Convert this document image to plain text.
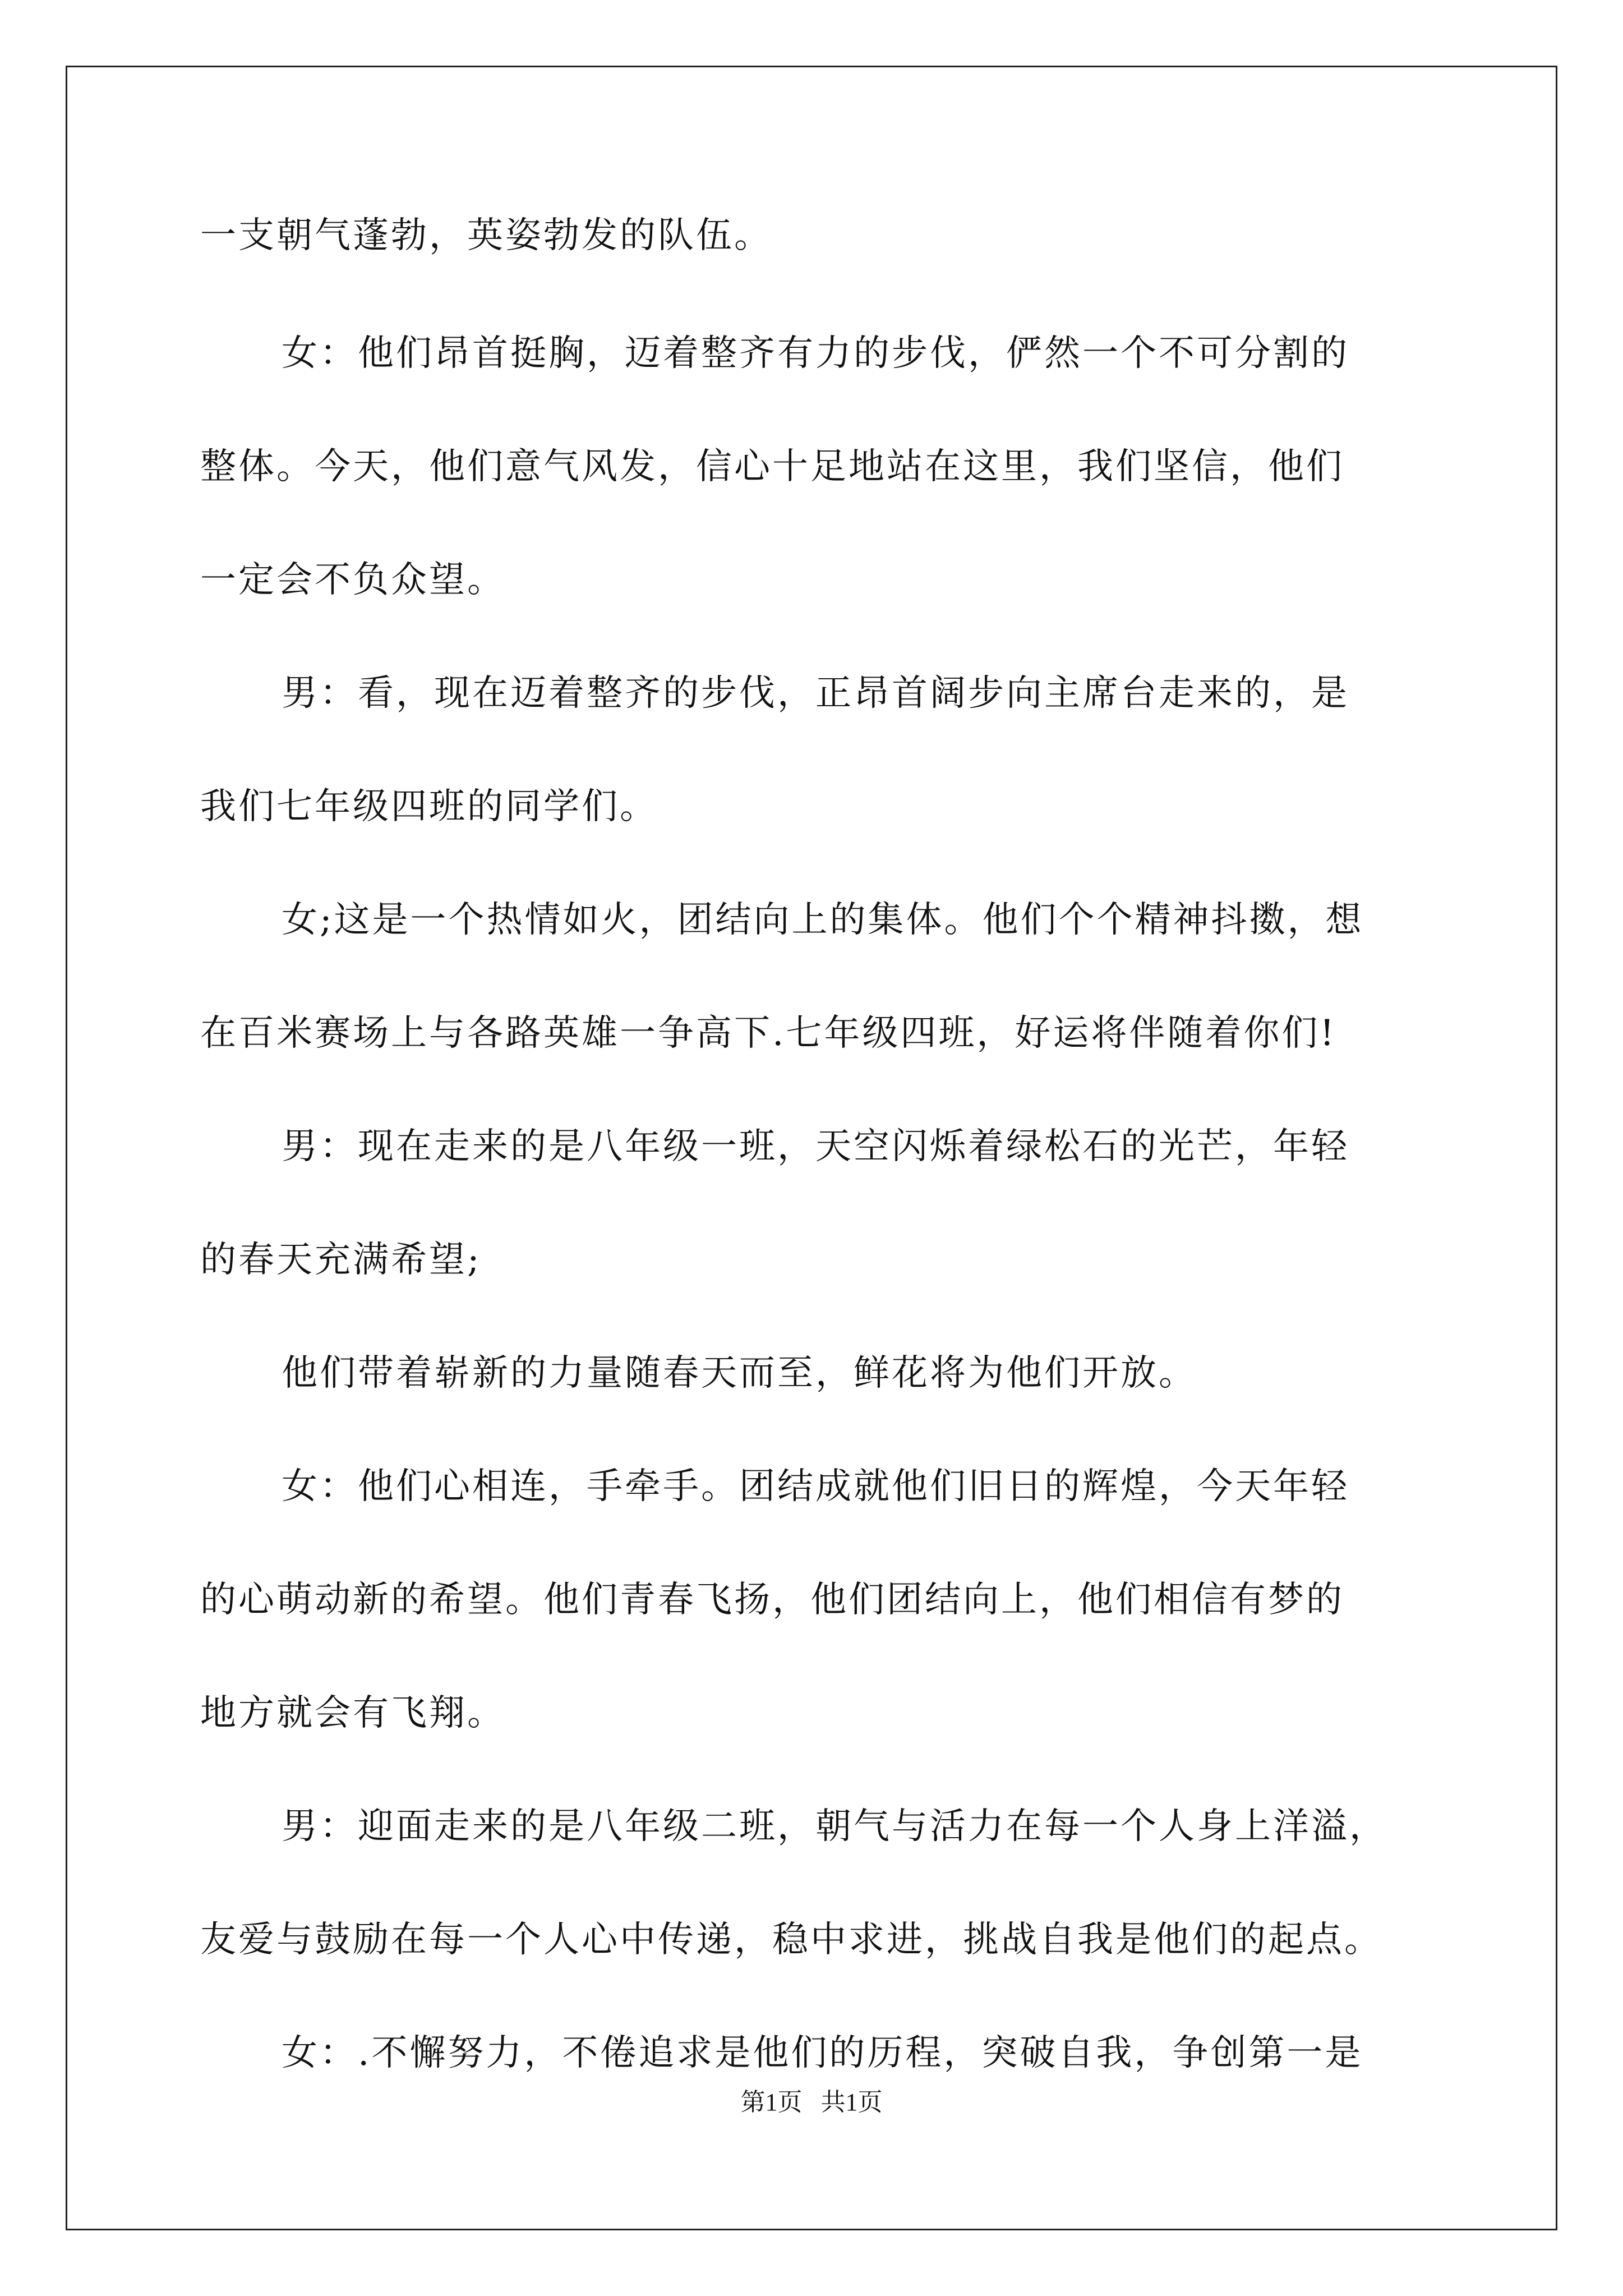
一支朝气蓬勃，英姿勃发的队伍。
女：他们昂首挺胸，迈着整齐有力的步伐，俨然一个不可分割的
整体。今天，他们意气风发，信心十足地站在这里，我们坚信，他们
一定会不负众望。
男：看，现在迈着整齐的步伐，正昂首阔步向主席台走来的，是
我们七年级四班的同学们。
女;这是一个热情如火，团结向上的集体。他们个个精神抖擞，想
在百米赛场上与各路英雄一争高下.七年级四班，好运将伴随着你们!
男：现在走来的是八年级一班，天空闪烁着绿松石的光芒，年轻
的春天充满希望;
他们带着崭新的力量随春天而至，鲜花将为他们开放。
女：他们心相连，手牵手。团结成就他们旧日的辉煌，今天年轻
的心萌动新的希望。他们青春飞扬，他们团结向上，他们相信有梦的
地方就会有飞翔。
男：迎面走来的是八年级二班，朝气与活力在每一个人身上洋溢，
友爱与鼓励在每一个人心中传递，稳中求进，挑战自我是他们的起点。
女：.不懈努力，不倦追求是他们的历程，突破自我，争创第一是
第1页   共1页
